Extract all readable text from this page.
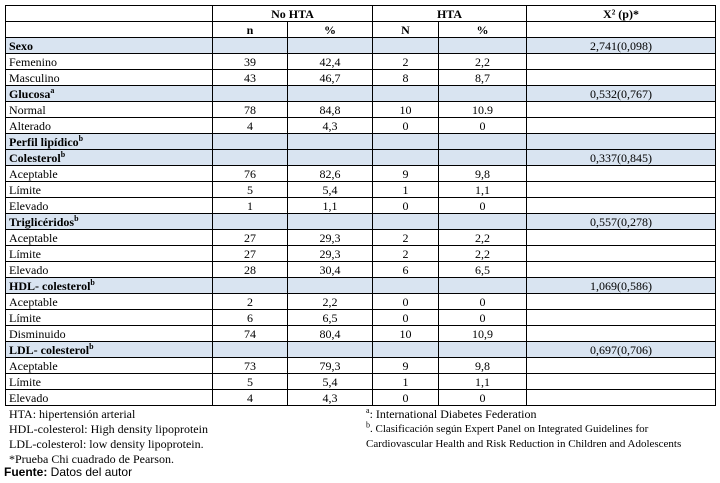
	No HTA		HTA		X² (p)*
	n	%	N	%	
Sexo					2,741(0,098)
Femenino	39	42,4	2	2,2	
Masculino	43	46,7	8	8,7	
Glucosa$^a$					0,532(0,767)
Normal	78	84,8	10	10.9	
Alterado	4	4,3	0	0	
Perfil lipídico$^b$					
Colesterol$^b$					0,337(0,845)
Aceptable	76	82,6	9	9,8	
Límite	5	5,4	1	1,1	
Elevado	1	1,1	0	0	
Triglicéridos$^b$					0,557(0,278)
Aceptable	27	29,3	2	2,2	
Límite	27	29,3	2	2,2	
Elevado	28	30,4	6	6,5	
HDL- colesterol$^b$					1,069(0,586)
Aceptable	2	2,2	0	0	
Límite	6	6,5	0	0	
Disminuido	74	80,4	10	10,9	
LDL- colesterol$^b$					0,697(0,706)
Aceptable	73	79,3	9	9,8	
Límite	5	5,4	1	1,1	
Elevado	4	4,3	0	0	
HTA: hipertensión arterial
HDL-colesterol: High density lipoprotein
LDL-colesterol: low density lipoprotein.
*Prueba Chi cuadrado de Pearson.
$^a$: International Diabetes Federation
$^b$. Clasificación según Expert Panel on Integrated Guidelines for Cardiovascular Health and Risk Reduction in Children and Adolescents
Fuente: Datos del autor
